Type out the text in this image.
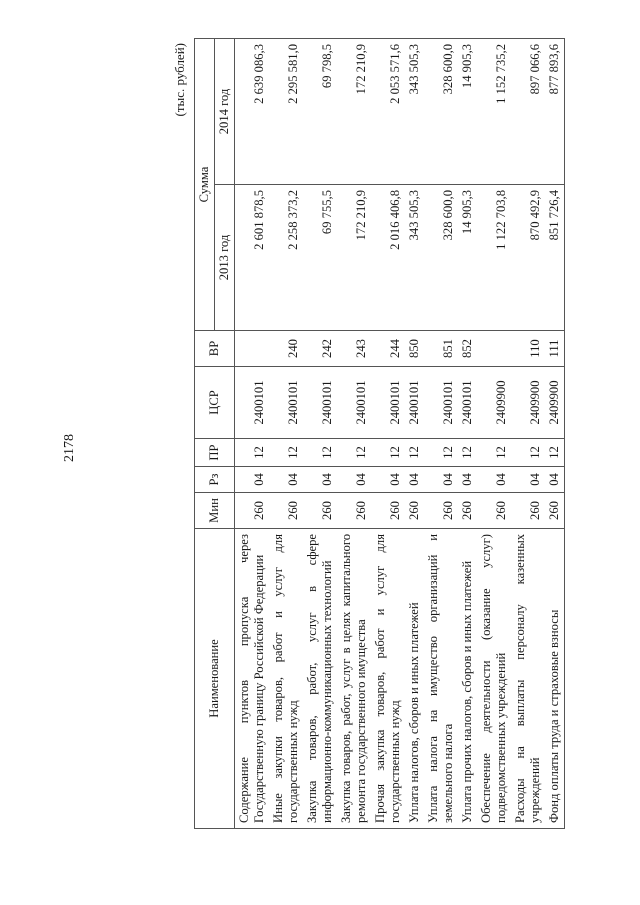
2178
(тыс. рублей)
Наименование	Мин	Рз	ПР	ЦСР	ВР	Сумма	
						2013 год	2014 год
Содержание пунктов пропуска через Государственную границу Российской Федерации	260	04	12	2400101		2 601 878,5	2 639 086,3
Иные закупки товаров, работ и услуг для государственных нужд	260	04	12	2400101	240	2 258 373,2	2 295 581,0
Закупка товаров, работ, услуг в сфере информационно-коммуникационных технологий	260	04	12	2400101	242	69 755,5	69 798,5
Закупка товаров, работ, услуг в целях капитального ремонта государственного имущества	260	04	12	2400101	243	172 210,9	172 210,9
Прочая закупка товаров, работ и услуг для государственных нужд	260	04	12	2400101	244	2 016 406,8	2 053 571,6
Уплата налогов, сборов и иных платежей	260	04	12	2400101	850	343 505,3	343 505,3
Уплата налога на имущество организаций и земельного налога	260	04	12	2400101	851	328 600,0	328 600,0
Уплата прочих налогов, сборов и иных платежей	260	04	12	2400101	852	14 905,3	14 905,3
Обеспечение деятельности (оказание услуг) подведомственных учреждений	260	04	12	2409900		1 122 703,8	1 152 735,2
Расходы на выплаты персоналу казенных учреждений	260	04	12	2409900	110	870 492,9	897 066,6
Фонд оплаты труда и страховые взносы	260	04	12	2409900	111	851 726,4	877 893,6
